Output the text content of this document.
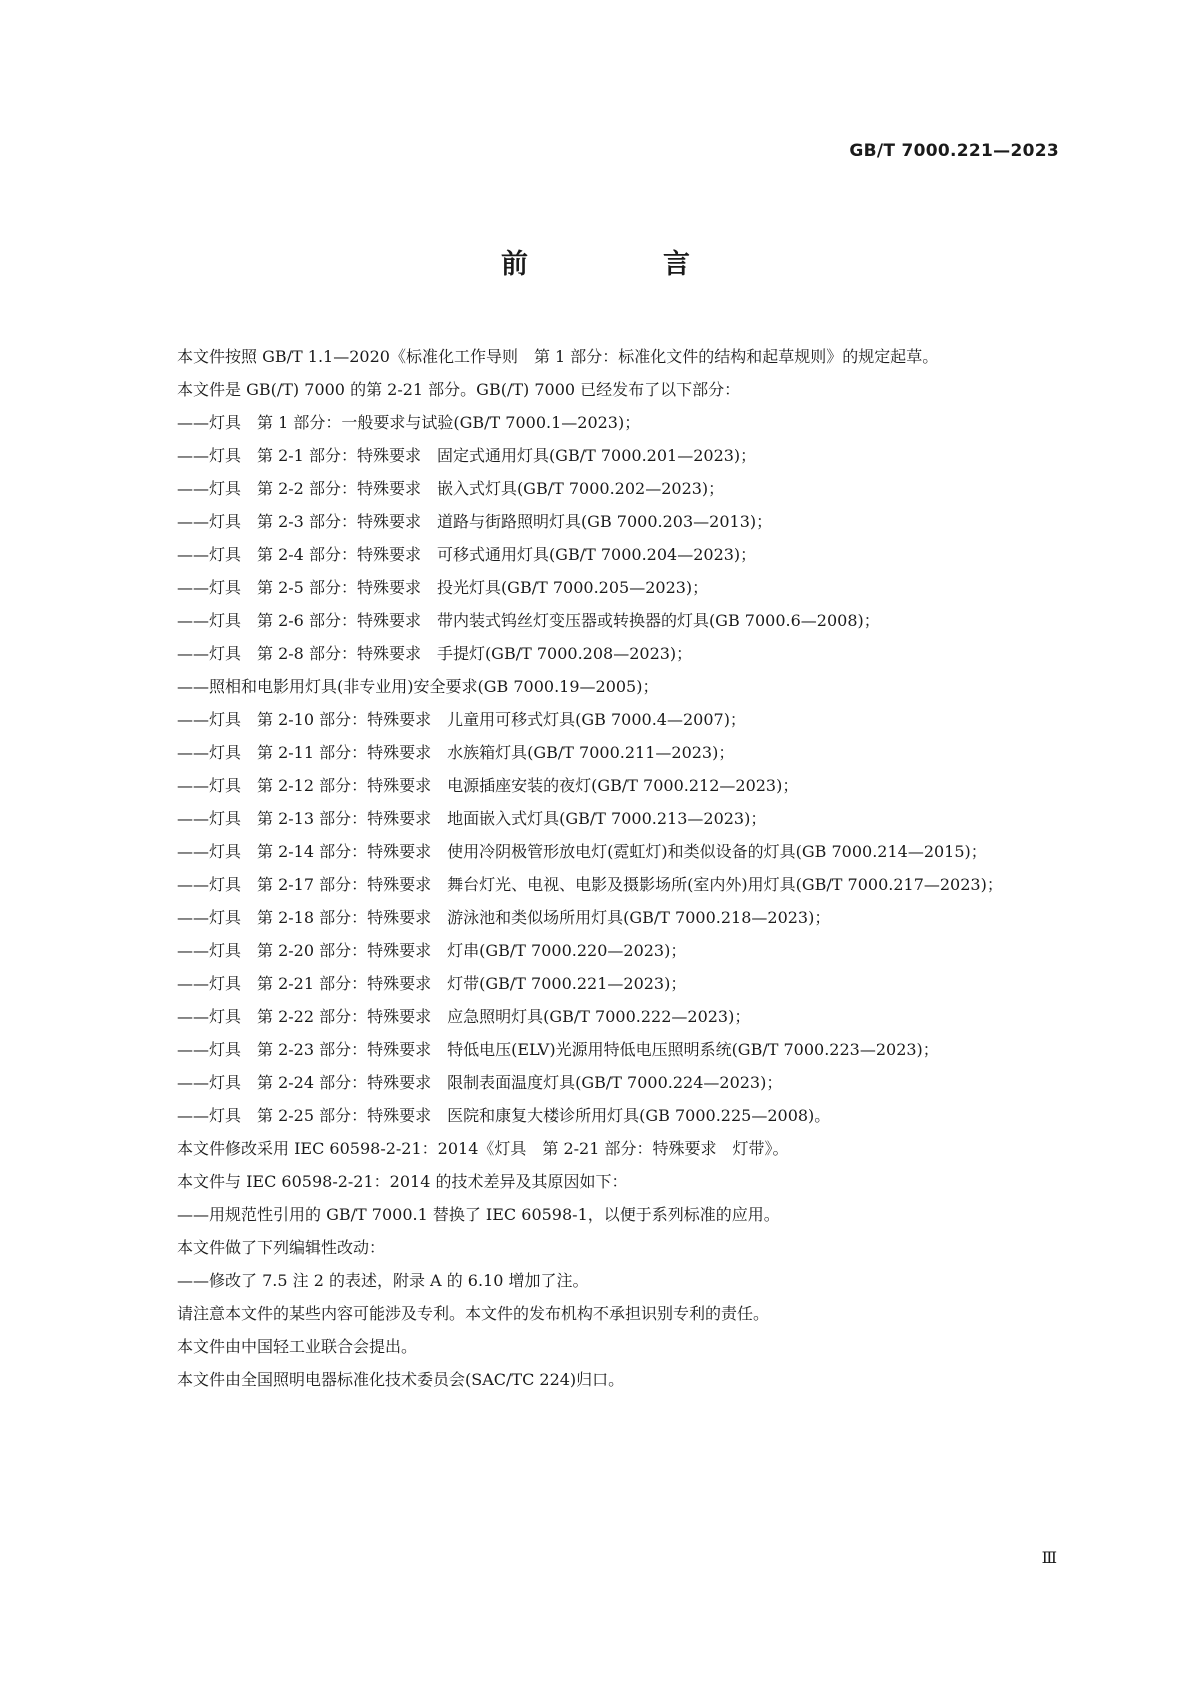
GB/T 7000.221—2023
前　言

本文件按照 GB/T 1.1—2020《标准化工作导则　第 1 部分：标准化文件的结构和起草规则》的规定起草。

本文件是 GB(/T) 7000 的第 2-21 部分。GB(/T) 7000 已经发布了以下部分：

——灯具　第 1 部分：一般要求与试验(GB/T 7000.1—2023)；

——灯具　第 2-1 部分：特殊要求　固定式通用灯具(GB/T 7000.201—2023)；

——灯具　第 2-2 部分：特殊要求　嵌入式灯具(GB/T 7000.202—2023)；

——灯具　第 2-3 部分：特殊要求　道路与街路照明灯具(GB 7000.203—2013)；

——灯具　第 2-4 部分：特殊要求　可移式通用灯具(GB/T 7000.204—2023)；

——灯具　第 2-5 部分：特殊要求　投光灯具(GB/T 7000.205—2023)；

——灯具　第 2-6 部分：特殊要求　带内装式钨丝灯变压器或转换器的灯具(GB 7000.6—2008)；

——灯具　第 2-8 部分：特殊要求　手提灯(GB/T 7000.208—2023)；

——照相和电影用灯具(非专业用)安全要求(GB 7000.19—2005)；

——灯具　第 2-10 部分：特殊要求　儿童用可移式灯具(GB 7000.4—2007)；

——灯具　第 2-11 部分：特殊要求　水族箱灯具(GB/T 7000.211—2023)；

——灯具　第 2-12 部分：特殊要求　电源插座安装的夜灯(GB/T 7000.212—2023)；

——灯具　第 2-13 部分：特殊要求　地面嵌入式灯具(GB/T 7000.213—2023)；

——灯具　第 2-14 部分：特殊要求　使用冷阴极管形放电灯(霓虹灯)和类似设备的灯具(GB 7000.214—2015)；

——灯具　第 2-17 部分：特殊要求　舞台灯光、电视、电影及摄影场所(室内外)用灯具(GB/T 7000.217—2023)；

——灯具　第 2-18 部分：特殊要求　游泳池和类似场所用灯具(GB/T 7000.218—2023)；

——灯具　第 2-20 部分：特殊要求　灯串(GB/T 7000.220—2023)；

——灯具　第 2-21 部分：特殊要求　灯带(GB/T 7000.221—2023)；

——灯具　第 2-22 部分：特殊要求　应急照明灯具(GB/T 7000.222—2023)；

——灯具　第 2-23 部分：特殊要求　特低电压(ELV)光源用特低电压照明系统(GB/T 7000.223—2023)；

——灯具　第 2-24 部分：特殊要求　限制表面温度灯具(GB/T 7000.224—2023)；

——灯具　第 2-25 部分：特殊要求　医院和康复大楼诊所用灯具(GB 7000.225—2008)。

本文件修改采用 IEC 60598-2-21：2014《灯具　第 2-21 部分：特殊要求　灯带》。

本文件与 IEC 60598-2-21：2014 的技术差异及其原因如下：

——用规范性引用的 GB/T 7000.1 替换了 IEC 60598-1，以便于系列标准的应用。

本文件做了下列编辑性改动：

——修改了 7.5 注 2 的表述，附录 A 的 6.10 增加了注。

请注意本文件的某些内容可能涉及专利。本文件的发布机构不承担识别专利的责任。

本文件由中国轻工业联合会提出。

本文件由全国照明电器标准化技术委员会(SAC/TC 224)归口。

Ⅲ
